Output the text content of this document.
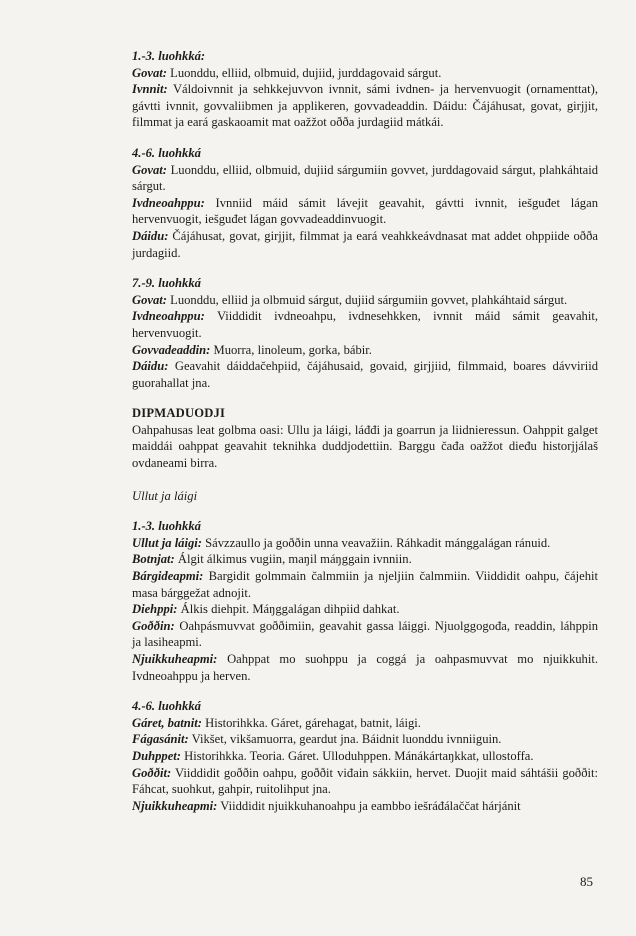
1.-3. luohkká:

Govat: Luonddu, elliid, olbmuid, dujiid, jurddagovaid sárgut.

Ivnnit: Váldoivnnit ja sehkkejuvvon ivnnit, sámi ivdnen- ja hervenvuogit (ornamenttat), gávtti ivnnit, govvaliibmen ja applikeren, govvadeaddin. Dáidu: Čájáhusat, govat, girjjit, filmmat ja eará gaskaoamit mat oažžot oððа jurdagiid mátkái.

4.-6. luohkká

Govat: Luonddu, elliid, olbmuid, dujiid sárgumiin govvet, jurddagovaid sárgut, plahkáhtaid sárgut.

Ivdneoahppu: Ivnniid máid sámit lávejit geavahit, gávtti ivnnit, iešguđet lágan hervenvuogit, iešguđet lágan govvadeaddinvuogit.

Dáidu: Čájáhusat, govat, girjjit, filmmat ja eará veahkkeávdnasat mat addet ohppiide oððа jurdagiid.

7.-9. luohkká

Govat: Luonddu, elliid ja olbmuid sárgut, dujiid sárgumiin govvet, plahkáhtaid sárgut.

Ivdneoahppu: Viiddidit ivdneoahpu, ivdnesehkken, ivnnit máid sámit geavahit, hervenvuogit.

Govvadeaddin: Muorra, linoleum, gorka, bábir.

Dáidu: Geavahit dáiddačehpiid, čájáhusaid, govaid, girjjiid, filmmaid, boares dávviriid guorahallat jna.

DIPMADUODJI

Oahpahusas leat golbma oasi: Ullu ja láigi, láđđi ja goarrun ja liidnieressun. Oahppit galget maiddái oahppat geavahit teknihka duddjodettiin. Barggu čađa oažžot dieđu historjjálaš ovdaneami birra.

Ullut ja láigi

1.-3. luohkká

Ullut ja láigi: Sávzzaullo ja goððin unna veavažiin. Ráhkadit mánggalágan ránuid.

Botnjat: Álgit álkimus vugiin, maŋil máŋggain ivnniin.

Bárgideapmi: Bargidit golmmain čalmmiin ja njeljiin čalmmiin. Viiddidit oahpu, čájehit masa bárggežat adnojit.

Diehppi: Álkis diehpit. Máŋggalágan dihpiid dahkat.

Goððin: Oahpásmuvvat goððimiin, geavahit gassa láiggi. Njuolggogođa, readdin, láhppin ja lasiheapmi.

Njuikkuheapmi: Oahppat mo suohppu ja coggá ja oahpasmuvvat mo njuikkuhit. Ivdneoahppu ja herven.

4.-6. luohkká

Gáret, batnit: Historihkka. Gáret, gárehagat, batnit, láigi.

Fágasánit: Vikšet, vikšamuorra, geardut jna. Báidnit luonddu ivnniiguin.

Duhppet: Historihkka. Teoria. Gáret. Ulloduhppen. Mánákártaŋkkat, ullostoffa.

Goððit: Viiddidit goððin oahpu, goððit viđain sákkiin, hervet. Duojit maid sáhtášii goððit: Fáhcat, suohkut, gahpir, ruitolihput jna.

Njuikkuheapmi: Viiddidit njuikkuhanoahpu ja eambbo iešráđálaččat hárjánit

85
